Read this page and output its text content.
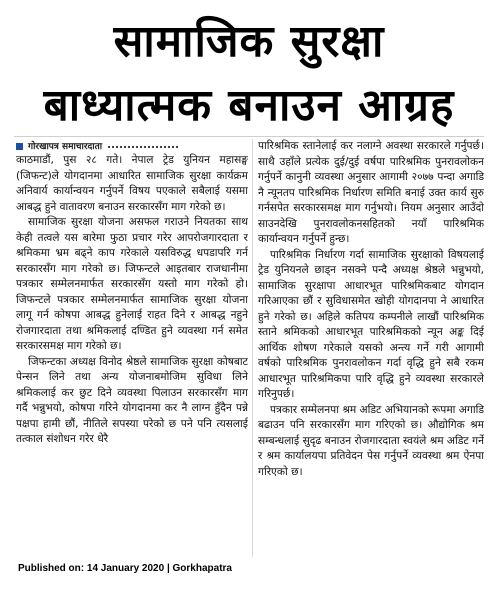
सामाजिक सुरक्षा
बाध्यात्मक बनाउन आग्रह
गोरखापत्र समाचारदाता

काठमाडौं, पुस २८ गते। नेपाल ट्रेड युनियन महासङ्घ (जिफन्ट)ले योगदानमा आधारित सामाजिक सुरक्षा कार्यक्रम अनिवार्य कार्यान्वयन गर्नुपर्ने विषय पएकाले सबैलाई यसमा आबद्ध हुने वातावरण बनाउन सरकारसँग माग गरेको छ।

सामाजिक सुरक्षा योजना असफल गराउने नियतका साथ केही तत्वले यस बारेमा फुठा प्रचार गरेर आपरोजगारदाता र श्रमिकमा भ्रम बढ्ने काप गरेकाले यसविरुद्ध धपडापरि गर्न सरकारसँग माग गरेको छ। जिफन्टले आइतबार राजधानीमा पत्रकार सम्मेलनमार्फत सरकारसँग यस्तो माग गरेको हो। जिफन्टले पत्रकार सम्मेलनमार्फत सामाजिक सुरक्षा योजना लागू गर्न कोषपा आबद्ध हुनेलाई राहत दिने र आबद्ध नहुने रोजगारदाता तथा श्रमिकलाई दण्डित हुने व्यवस्था गर्न समेत सरकारसमक्ष माग गरेको छ।

जिफन्टका अध्यक्ष विनोद श्रेष्ठले सामाजिक सुरक्षा कोषबाट पेन्सन लिने तथा अन्य योजनाबमोजिम सुविधा लिने श्रमिकलाई कर छुट दिने व्यवस्था पिलाउन सरकारसँग माग गर्दै भन्नुभयो, कोषपा गरिने योगदानमा कर नै लाग्न हुँदैन पन्ने पक्षपा हामी छौं, नीतिले सपस्या परेको छ पने पनि त्यसलाई तत्काल संशोधन गरेर धेरै

पारिश्रमिक स्तानेलाई कर नलाग्ने अवस्था सरकारले गर्नुपर्छ। साथै उहाँले प्रत्येक दुई/दुई वर्षपा पारिश्रमिक पुनरावलोकन गर्नुपर्ने कानुनी व्यवस्था अनुसार आगामी २०७७ पन्दा अगाडि नै न्यूनतप पारिश्रमिक निर्धारण समिति बनाई उक्त कार्य सुरु गर्नसपेत सरकारसमक्ष माग गर्नुभयो। नियम अनुसार आउँदो साउनदेखि पुनरावलोकनसहितको नयाँ पारिश्रमिक कार्यान्वयन गर्नुपर्ने हुन्छ।

पारिश्रमिक निर्धारण गर्दा सामाजिक सुरक्षाको विषयलाई ट्रेड युनियनले छाड्न नसक्ने पन्दै अध्यक्ष श्रेष्ठले भन्नुभयो, सामाजिक सुरक्षापा आधारभूत पारिश्रमिकबाट योगदान गरिआएका छौं र सुविधासमेत खोही योगदानपा ने आधारित हुने गरेको छ। अहिले कतिपय कम्पनीले लाखौं पारिश्रमिक स्ताने श्रमिकको आधारभूत पारिश्रमिकको न्यून अङ्क दिई आर्थिक शोषण गरेकाले यसको अन्त्य गर्ने गरी आगामी वर्षको पारिश्रमिक पुनरावलोकन गर्दा वृद्धि हुने सबै रकम आधारभूत पारिश्रमिकपा पारि वृद्धि हुने व्यवस्था सरकारले गरिनुपर्छ।

पत्रकार सम्मेलनपा श्रम अडिट अभियानको रूपमा अगाडि बढाउन पनि सरकारसँग माग गरिएको छ। औद्योगिक श्रम सम्बन्धलाई सुदृढ बनाउन रोजगारदाता स्वयंले श्रम अडिट गर्ने र श्रम कार्यालयपा प्रतिवेदन पेस गर्नुपर्ने व्यवस्था श्रम ऐनपा गरिएको छ।

Published on: 14 January 2020 | Gorkhapatra
